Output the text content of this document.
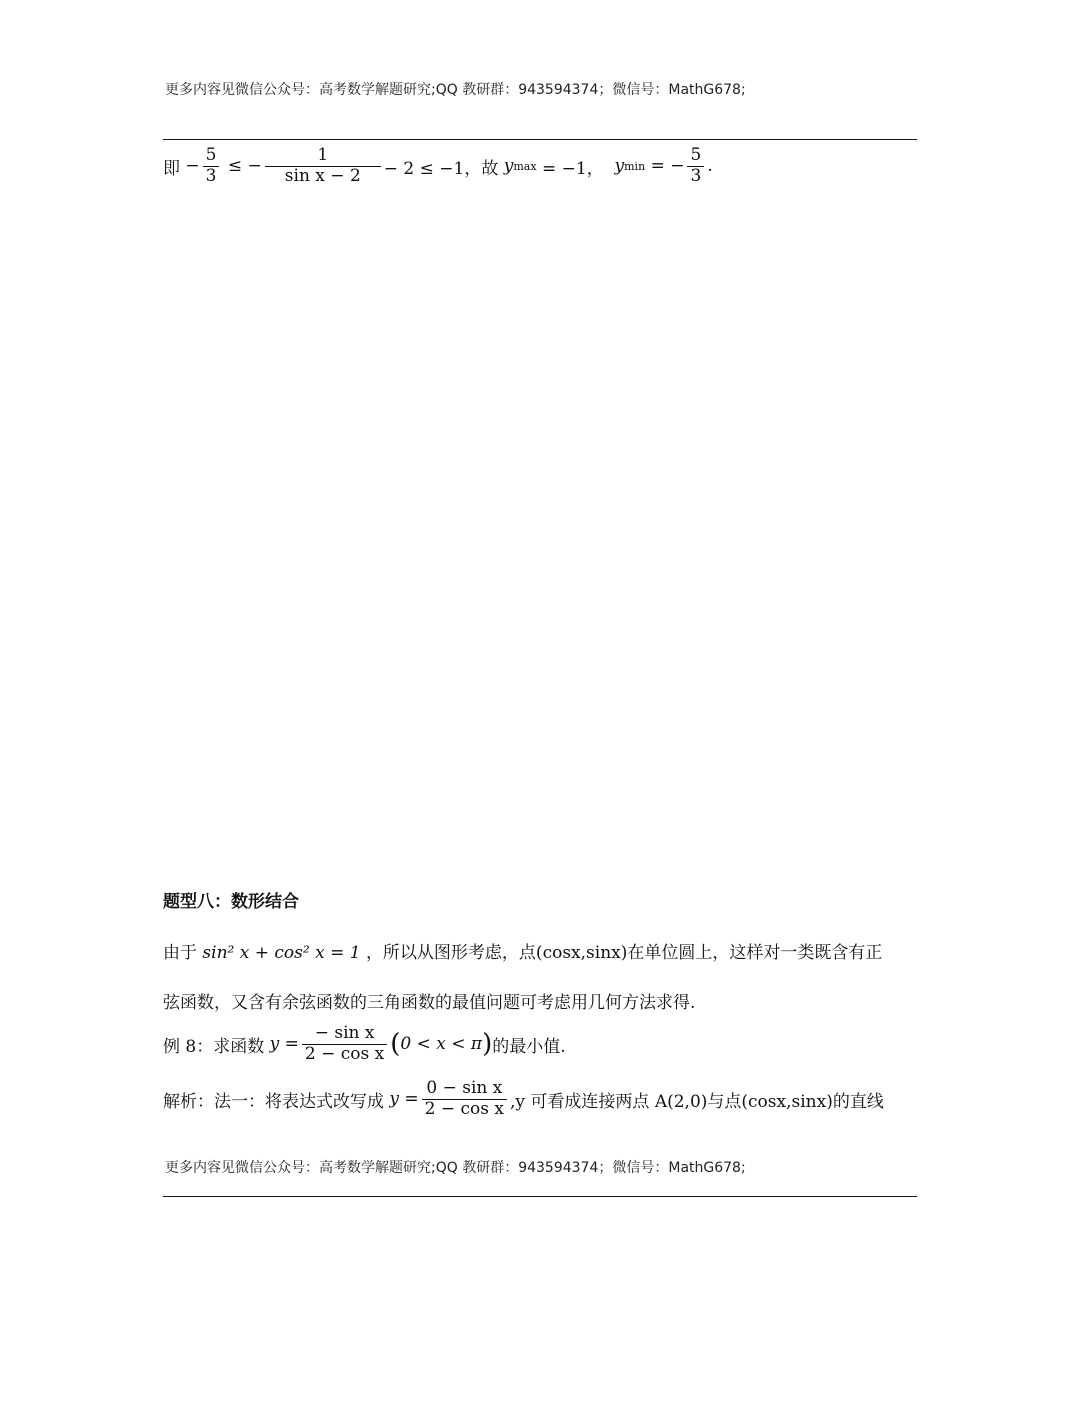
更多内容见微信公众号：高考数学解题研究;QQ 教研群：943594374；微信号：MathG678;
即 − $\frac{5}{3}$ ≤ − $\frac{1}{\text{sin x − 2}} - 2 \le -1$，故
y max
= −1，
y min
= − $\frac{5}{3}$ .
题型八：数形结合
由于 sin² x + cos² x = 1 ，所以从图形考虑，点(cosx,sinx)在单位圆上，这样对一类既含有正
弦函数，又含有余弦函数的三角函数的最值问题可考虑用几何方法求得.
例 8：求函数
$y = \frac{\text{− sin x}}{\text{2 − cos x}}$ ( 0 < x < π ) 的最小值.
解析：法一：将表达式改写成
$y = \frac{\text{0 − sin x}}{\text{2 − cos x}} ,y$ 可看成连接两点 A(2,0)与点(cosx,sinx)的直线
更多内容见微信公众号：高考数学解题研究;QQ 教研群：943594374；微信号：MathG678;
